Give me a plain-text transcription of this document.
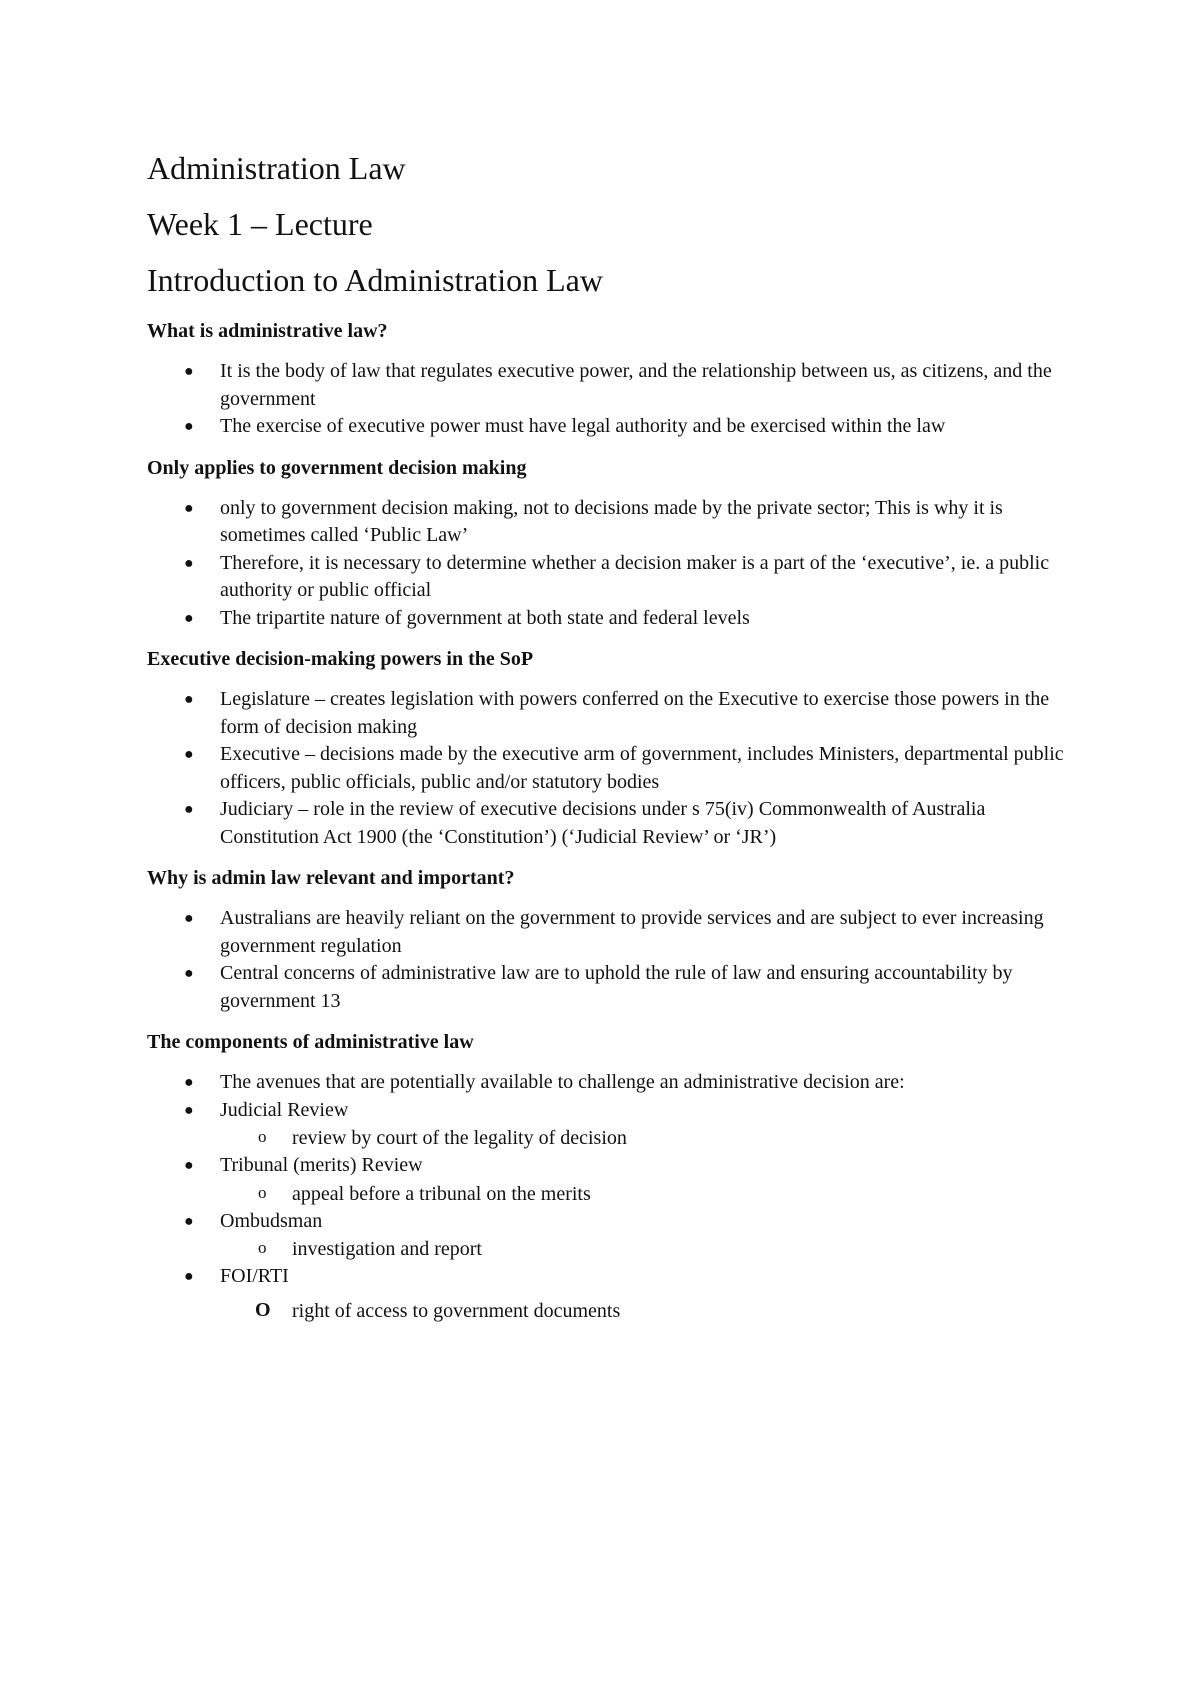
Administration Law
Week 1 – Lecture
Introduction to Administration Law
What is administrative law?
● It is the body of law that regulates executive power, and the relationship between us, as citizens, and the government
● The exercise of executive power must have legal authority and be exercised within the law
Only applies to government decision making
● only to government decision making, not to decisions made by the private sector; This is why it is sometimes called ‘Public Law’
● Therefore, it is necessary to determine whether a decision maker is a part of the ‘executive’, ie. a public authority or public official
● The tripartite nature of government at both state and federal levels
Executive decision-making powers in the SoP
● Legislature – creates legislation with powers conferred on the Executive to exercise those powers in the form of decision making
● Executive – decisions made by the executive arm of government, includes Ministers, departmental public officers, public officials, public and/or statutory bodies
● Judiciary – role in the review of executive decisions under s 75(iv) Commonwealth of Australia Constitution Act 1900 (the ‘Constitution’) (‘Judicial Review’ or ‘JR’)
Why is admin law relevant and important?
● Australians are heavily reliant on the government to provide services and are subject to ever increasing government regulation
● Central concerns of administrative law are to uphold the rule of law and ensuring accountability by government 13
The components of administrative law
● The avenues that are potentially available to challenge an administrative decision are:
● Judicial Review
o review by court of the legality of decision
● Tribunal (merits) Review
o appeal before a tribunal on the merits
● Ombudsman
o investigation and report
● FOI/RTI
O right of access to government documents
